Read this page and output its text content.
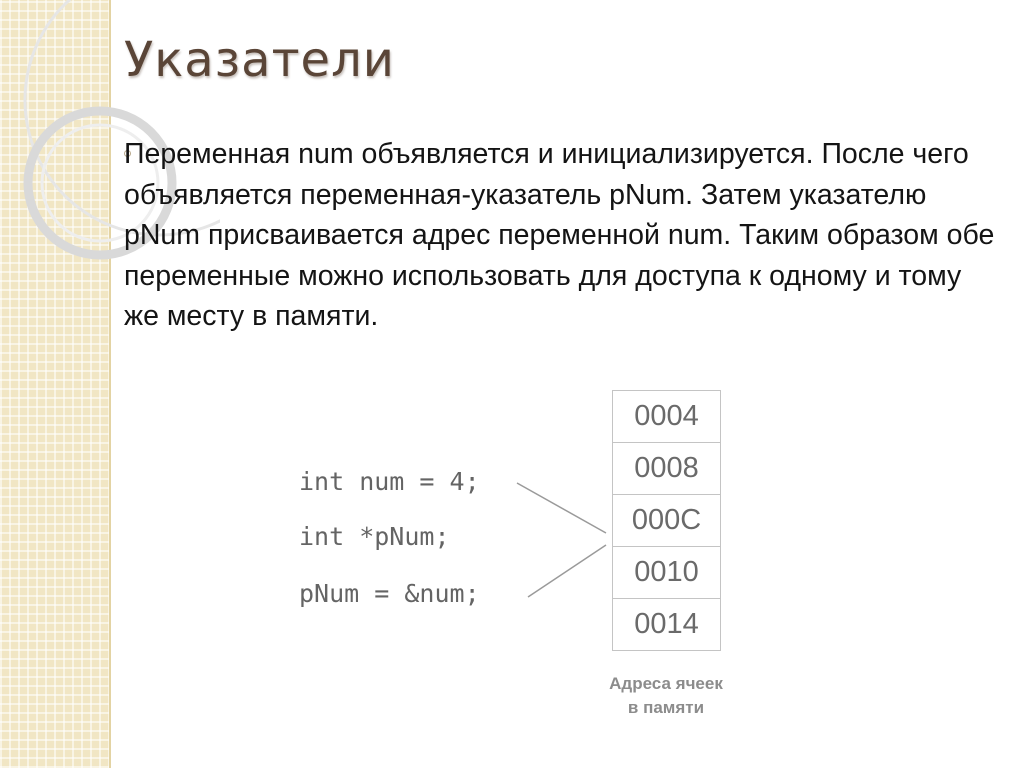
Указатели

Переменная num объявляется и инициализируется. После чего объявляется переменная-указатель pNum. Затем указателю pNum присваивается адрес переменной num. Таким образом обе переменные можно использовать для доступа к одному и тому же месту в памяти.

int num = 4;
int *pNum;
pNum = &num;
0004
0008
000C
0010
0014
Адреса ячеек
в памяти
